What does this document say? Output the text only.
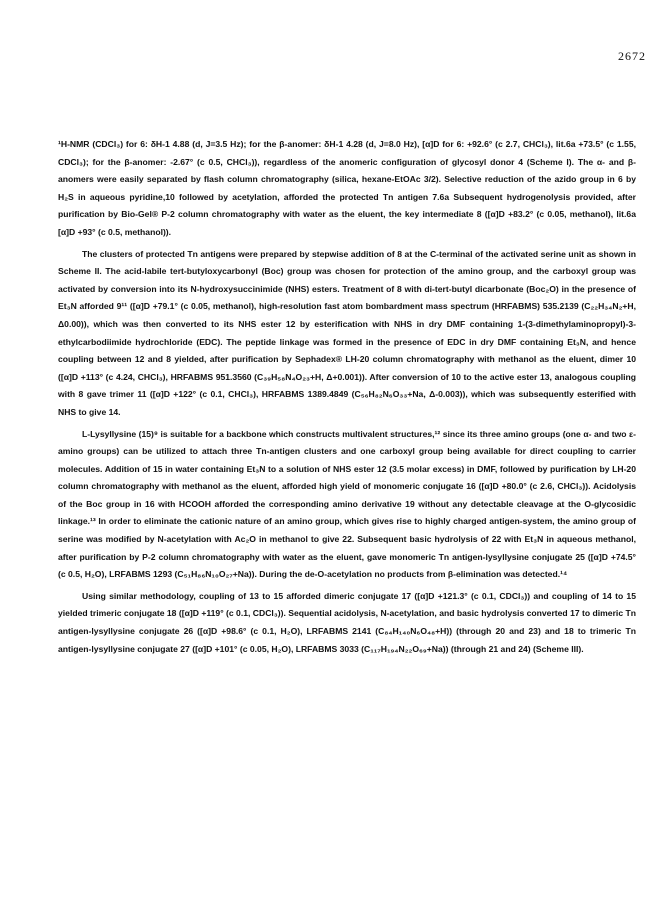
2672

¹H-NMR (CDCl₃) for 6: δH-1 4.88 (d, J=3.5 Hz); for the β-anomer: δH-1 4.28 (d, J=8.0 Hz), [α]D for 6: +92.6° (c 2.7, CHCl₃), lit.6a +73.5° (c 1.55, CDCl₃); for the β-anomer: -2.67° (c 0.5, CHCl₃)), regardless of the anomeric configuration of glycosyl donor 4 (Scheme I). The α- and β-anomers were easily separated by flash column chromatography (silica, hexane-EtOAc 3/2). Selective reduction of the azido group in 6 by H₂S in aqueous pyridine,10 followed by acetylation, afforded the protected Tn antigen 7.6a Subsequent hydrogenolysis provided, after purification by Bio-Gel® P-2 column chromatography with water as the eluent, the key intermediate 8 ([α]D +83.2° (c 0.05, methanol), lit.6a [α]D +93° (c 0.5, methanol)).

The clusters of protected Tn antigens were prepared by stepwise addition of 8 at the C-terminal of the activated serine unit as shown in Scheme II. The acid-labile tert-butyloxycarbonyl (Boc) group was chosen for protection of the amino group, and the carboxyl group was activated by conversion into its N-hydroxysuccinimide (NHS) esters. Treatment of 8 with di-tert-butyl dicarbonate (Boc₂O) in the presence of Et₃N afforded 9¹¹ ([α]D +79.1° (c 0.05, methanol), high-resolution fast atom bombardment mass spectrum (HRFABMS) 535.2139 (C₂₂H₃₄N₂+H, Δ0.00)), which was then converted to its NHS ester 12 by esterification with NHS in dry DMF containing 1-(3-dimethylaminopropyl)-3-ethylcarbodiimide hydrochloride (EDC). The peptide linkage was formed in the presence of EDC in dry DMF containing Et₃N, and hence coupling between 12 and 8 yielded, after purification by Sephadex® LH-20 column chromatography with methanol as the eluent, dimer 10 ([α]D +113° (c 4.24, CHCl₃), HRFABMS 951.3560 (C₃₉H₅₈N₄O₂₃+H, Δ+0.001)). After conversion of 10 to the active ester 13, analogous coupling with 8 gave trimer 11 ([α]D +122° (c 0.1, CHCl₃), HRFABMS 1389.4849 (C₅₆H₈₂N₆O₃₃+Na, Δ-0.003)), which was subsequently esterified with NHS to give 14.

L-Lysyllysine (15)⁹ is suitable for a backbone which constructs multivalent structures,¹² since its three amino groups (one α- and two ε-amino groups) can be utilized to attach three Tn-antigen clusters and one carboxyl group being available for direct coupling to carrier molecules. Addition of 15 in water containing Et₃N to a solution of NHS ester 12 (3.5 molar excess) in DMF, followed by purification by LH-20 column chromatography with methanol as the eluent, afforded high yield of monomeric conjugate 16 ([α]D +80.0° (c 2.6, CHCl₃)). Acidolysis of the Boc group in 16 with HCOOH afforded the corresponding amino derivative 19 without any detectable cleavage at the O-glycosidic linkage.¹³ In order to eliminate the cationic nature of an amino group, which gives rise to highly charged antigen-system, the amino group of serine was modified by N-acetylation with Ac₂O in methanol to give 22. Subsequent basic hydrolysis of 22 with Et₃N in aqueous methanol, after purification by P-2 column chromatography with water as the eluent, gave monomeric Tn antigen-lysyllysine conjugate 25 ([α]D +74.5° (c 0.5, H₂O), LRFABMS 1293 (C₅₁H₈₆N₁₀O₂₇+Na)). During the de-O-acetylation no products from β-elimination was detected.¹⁴

Using similar methodology, coupling of 13 to 15 afforded dimeric conjugate 17 ([α]D +121.3° (c 0.1, CDCl₃)) and coupling of 14 to 15 yielded trimeric conjugate 18 ([α]D +119° (c 0.1, CDCl₃)). Sequential acidolysis, N-acetylation, and basic hydrolysis converted 17 to dimeric Tn antigen-lysyllysine conjugate 26 ([α]D +98.6° (c 0.1, H₂O), LRFABMS 2141 (C₈₄H₁₄₀N₆O₄₈+H)) (through 20 and 23) and 18 to trimeric Tn antigen-lysyllysine conjugate 27 ([α]D +101° (c 0.05, H₂O), LRFABMS 3033 (C₁₁₇H₁₉₄N₂₂O₆₉+Na)) (through 21 and 24) (Scheme III).
